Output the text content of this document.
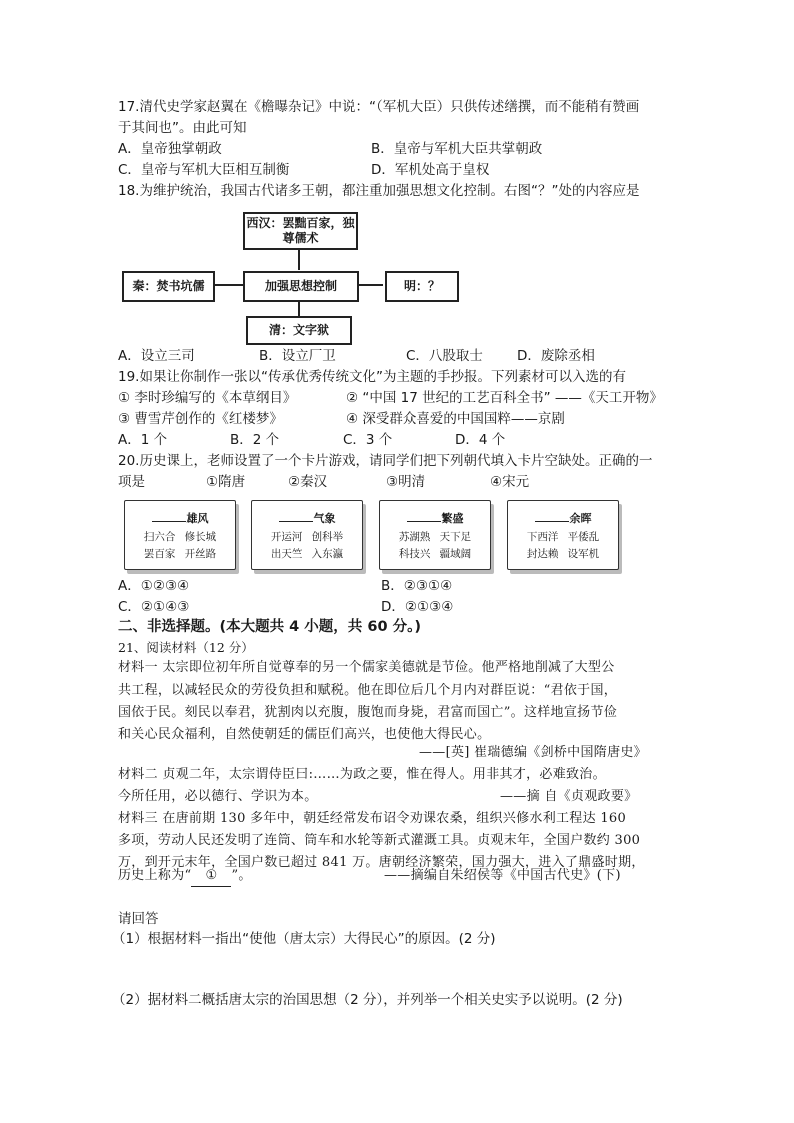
17.清代史学家赵翼在《檐曝杂记》中说：“（军机大臣）只供传述缮撰，而不能稍有赞画
于其间也”。由此可知
A．皇帝独掌朝政	B．皇帝与军机大臣共掌朝政
C．皇帝与军机大臣相互制衡	D．军机处高于皇权
18.为维护统治，我国古代诸多王朝，都注重加强思想文化控制。右图“？”处的内容应是
西汉：罢黜百家，独尊儒术
秦：焚书坑儒	加强思想控制	明：？
清：文字狱
A．设立三司	B．设立厂卫	C．八股取士	D．废除丞相
19.如果让你制作一张以“传承优秀传统文化”为主题的手抄报。下列素材可以入选的有
① 李时珍编写的《本草纲目》	② “中国 17 世纪的工艺百科全书” ——《天工开物》
③ 曹雪芹创作的《红楼梦》	④ 深受群众喜爱的中国国粹——京剧
A．1 个	B．2 个	C．3 个	D．4 个
20.历史课上，老师设置了一个卡片游戏，请同学们把下列朝代填入卡片空缺处。正确的一
项是	①隋唐	②秦汉	③明清	④宋元
雄风
扫六合 修长城
罢百家 开丝路
气象
开运河 创科举
出天竺 入东瀛
繁盛
苏湖熟 天下足
科技兴 疆域阔
余晖
下西洋 平倭乱
封达赖 设军机
A．①②③④	B．②③①④
C．②①④③	D．②①③④
二、非选择题。(本大题共 4 小题，共 60 分。)
21、阅读材料（12 分）
材料一 太宗即位初年所自觉尊奉的另一个儒家美德就是节俭。他严格地削减了大型公
共工程，以减轻民众的劳役负担和赋税。他在即位后几个月内对群臣说：“君依于国，
国依于民。刻民以奉君，犹割肉以充腹，腹饱而身毙，君富而国亡”。这样地宣扬节俭
和关心民众福利，自然使朝廷的儒臣们高兴，也使他大得民心。
——[英] 崔瑞德编《剑桥中国隋唐史》
材料二 贞观二年，太宗谓侍臣曰:……为政之要，惟在得人。用非其才，必难致治。
今所任用，必以德行、学识为本。	——摘 自《贞观政要》
材料三 在唐前期 130 多年中，朝廷经常发布诏令劝课农桑，组织兴修水利工程达 160
多项，劳动人民还发明了连筒、筒车和水轮等新式灌溉工具。贞观末年，全国户数约 300
万，到开元末年，全国户数已超过 841 万。唐朝经济繁荣，国力强大，进入了鼎盛时期，
历史上称为“ ① ”。	——摘编自朱绍侯等《中国古代史》(下)
请回答
（1）根据材料一指出“使他（唐太宗）大得民心”的原因。(2 分)
（2）据材料二概括唐太宗的治国思想（2 分），并列举一个相关史实予以说明。(2 分)
